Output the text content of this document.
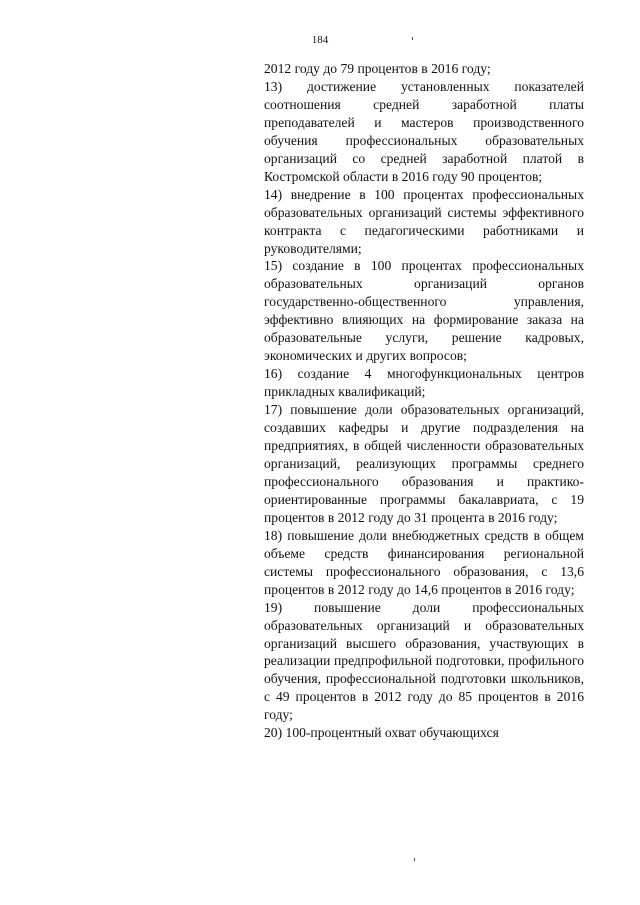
184

2012 году до 79 процентов в 2016 году;

13) достижение установленных показателей соотношения средней заработной платы преподавателей и мастеров производственного обучения профессиональных образовательных организаций со средней заработной платой в Костромской области в 2016 году 90 процентов;

14) внедрение в 100 процентах профессиональных образовательных организаций системы эффективного контракта с педагогическими работниками и руководителями;

15) создание в 100 процентах профессиональных образовательных организаций органов государственно-общественного управления, эффективно влияющих на формирование заказа на образовательные услуги, решение кадровых, экономических и других вопросов;

16) создание 4 многофункциональных центров прикладных квалификаций;

17) повышение доли образовательных организаций, создавших кафедры и другие подразделения на предприятиях, в общей численности образовательных организаций, реализующих программы среднего профессионального образования и практико-ориентированные программы бакалавриата, с 19 процентов в 2012 году до 31 процента в 2016 году;

18) повышение доли внебюджетных средств в общем объеме средств финансирования региональной системы профессионального образования, с 13,6 процентов в 2012 году до 14,6 процентов в 2016 году;

19) повышение доли профессиональных образовательных организаций и образовательных организаций высшего образования, участвующих в реализации предпрофильной подготовки, профильного обучения, профессиональной подготовки школьников, с 49 процентов в 2012 году до 85 процентов в 2016 году;

20) 100-процентный охват обучающихся
